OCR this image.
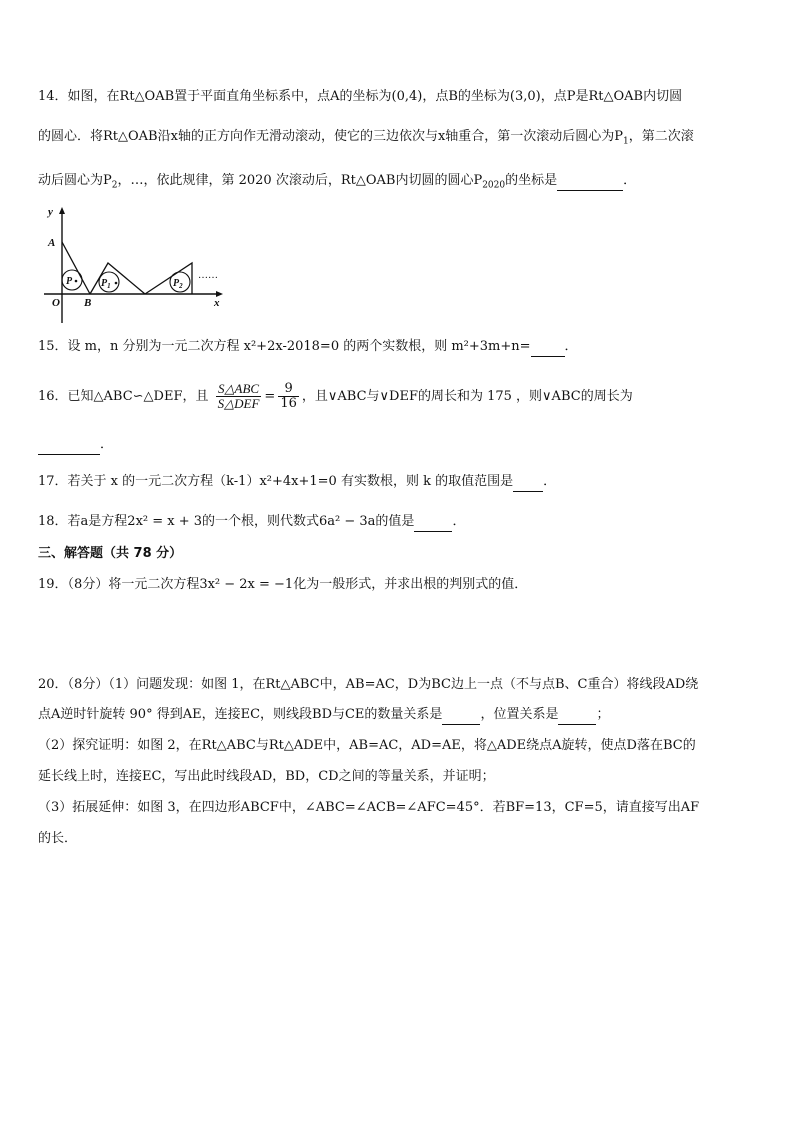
14．如图，在Rt△OAB置于平面直角坐标系中，点A的坐标为(0,4)，点B的坐标为(3,0)，点P是Rt△OAB内切圆
的圆心．将Rt△OAB沿x轴的正方向作无滑动滚动，使它的三边依次与x轴重合，第一次滚动后圆心为$P_1$，第二次滚
动后圆心为$P_2$，…，依此规律，第 2020 次滚动后，Rt△OAB内切圆的圆心$P_{2020}$的坐标是	．
……
y
x
A
O B
P	$P_1$	$P_2$
15．设 m，n 分别为一元二次方程 x²+2x-2018=0 的两个实数根，则 m²+3m+n=	．
16．已知△ABC∽△DEF，且 $\frac{\text{S△ABC}}{\text{S△DEF}} = \frac{9}{16}$ ，且∨ABC与∨DEF的周长和为 175 ，则∨ABC的周长为
．
17．若关于 x 的一元二次方程（k-1）x²+4x+1=0 有实数根，则 k 的取值范围是 ．
18．若a是方程2x² = x + 3的一个根，则代数式6a² − 3a的值是	．
三、解答题（共 78 分）
19．（8分）将一元二次方程3x² − 2x = −1化为一般形式，并求出根的判别式的值．
20．（8分）（1）问题发现：如图 1，在Rt△ABC中，AB=AC，D为BC边上一点（不与点B、C重合）将线段AD绕
点A逆时针旋转 90° 得到AE，连接EC，则线段BD与CE的数量关系是	，位置关系是	；
（2）探究证明：如图 2，在Rt△ABC与Rt△ADE中，AB=AC，AD=AE，将△ADE绕点A旋转，使点D落在BC的
延长线上时，连接EC，写出此时线段AD，BD，CD之间的等量关系，并证明；
（3）拓展延伸：如图 3，在四边形ABCF中，∠ABC=∠ACB=∠AFC=45°．若BF=13，CF=5，请直接写出AF
的长．
